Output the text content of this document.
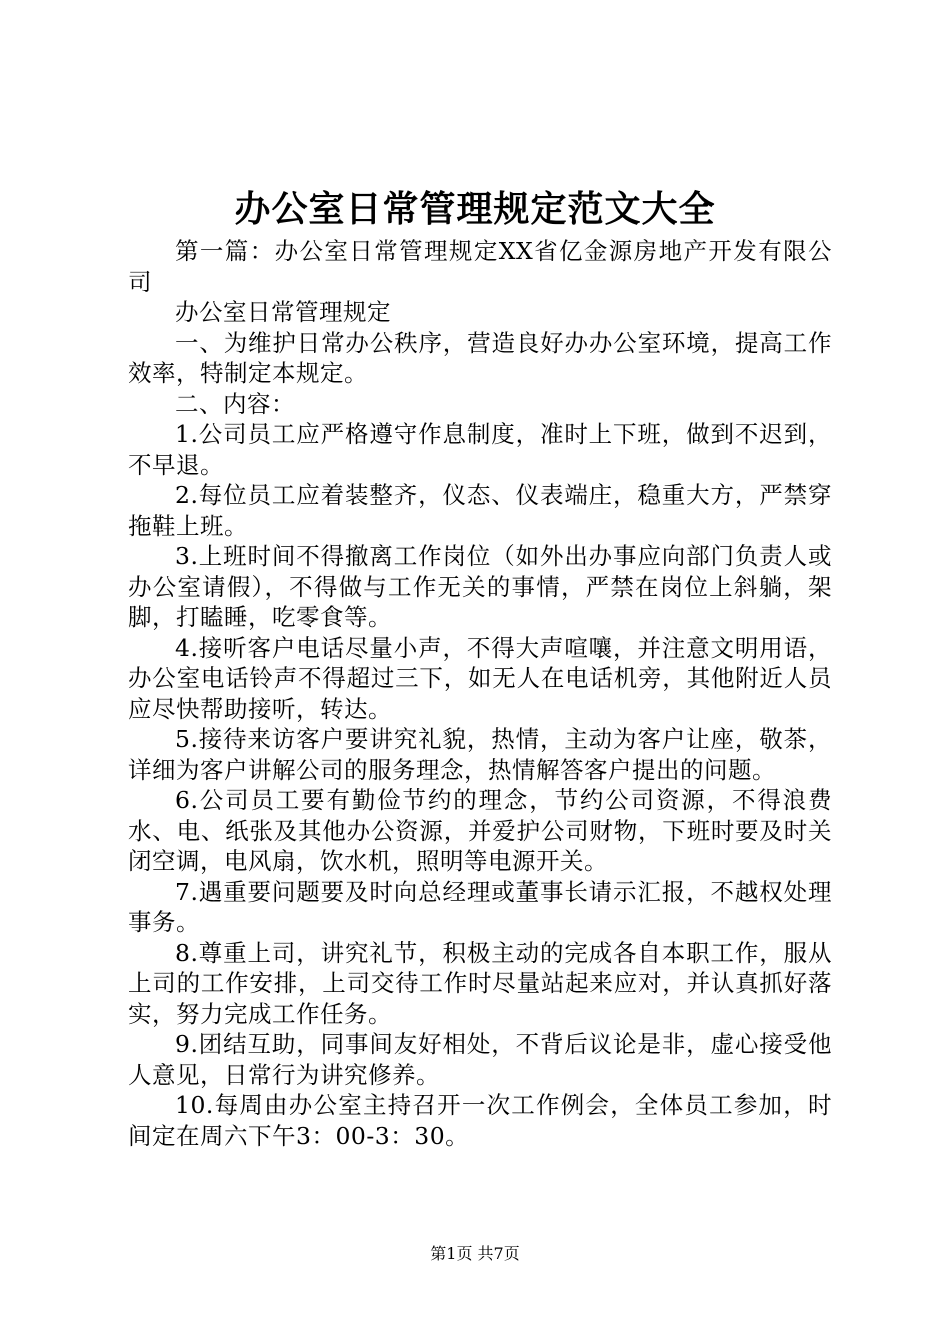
办公室日常管理规定范文大全

第一篇：办公室日常管理规定XX省亿金源房地产开发有限公司

办公室日常管理规定

一、为维护日常办公秩序，营造良好办办公室环境，提高工作效率，特制定本规定。

二、内容：

1.公司员工应严格遵守作息制度，准时上下班，做到不迟到，不早退。

2.每位员工应着装整齐，仪态、仪表端庄，稳重大方，严禁穿拖鞋上班。

3.上班时间不得撤离工作岗位（如外出办事应向部门负责人或办公室请假），不得做与工作无关的事情，严禁在岗位上斜躺，架脚，打瞌睡，吃零食等。

4.接听客户电话尽量小声，不得大声喧嚷，并注意文明用语，办公室电话铃声不得超过三下，如无人在电话机旁，其他附近人员应尽快帮助接听，转达。

5.接待来访客户要讲究礼貌，热情，主动为客户让座，敬茶，详细为客户讲解公司的服务理念，热情解答客户提出的问题。

6.公司员工要有勤俭节约的理念，节约公司资源，不得浪费水、电、纸张及其他办公资源，并爱护公司财物，下班时要及时关闭空调，电风扇，饮水机，照明等电源开关。

7.遇重要问题要及时向总经理或董事长请示汇报，不越权处理事务。

8.尊重上司，讲究礼节，积极主动的完成各自本职工作，服从上司的工作安排，上司交待工作时尽量站起来应对，并认真抓好落实，努力完成工作任务。

9.团结互助，同事间友好相处，不背后议论是非，虚心接受他人意见，日常行为讲究修养。

10.每周由办公室主持召开一次工作例会，全体员工参加，时间定在周六下午3：00-3：30。

第1页 共7页
